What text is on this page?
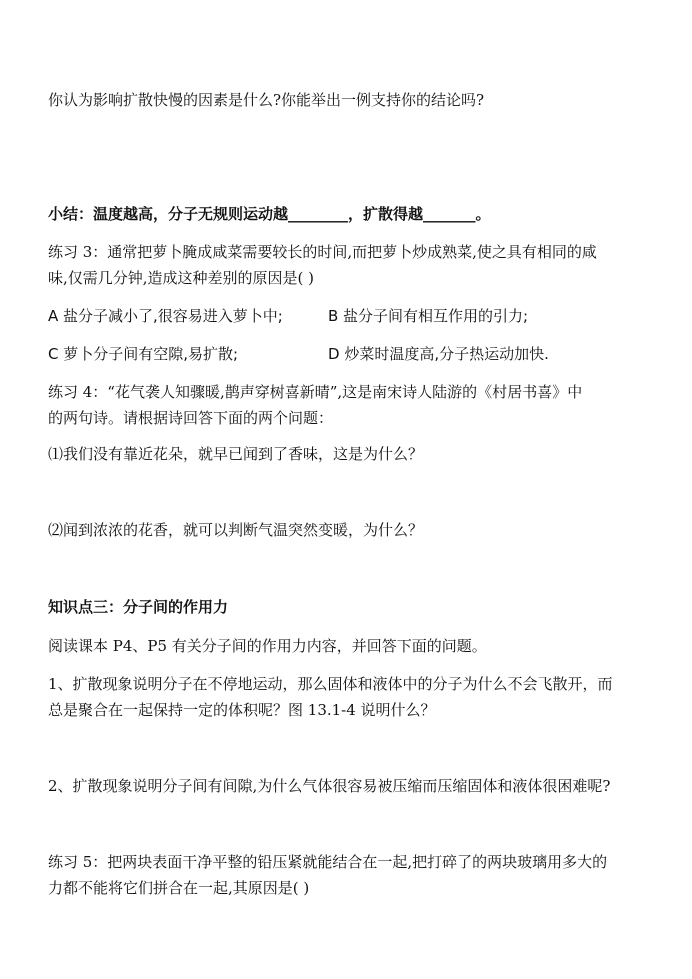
你认为影响扩散快慢的因素是什么?你能举出一例支持你的结论吗?
小结：温度越高，分子无规则运动越________，扩散得越_______。
练习 3：通常把萝卜腌成咸菜需要较长的时间,而把萝卜炒成熟菜,使之具有相同的咸
味,仅需几分钟,造成这种差别的原因是( )
A 盐分子减小了,很容易进入萝卜中;	B 盐分子间有相互作用的引力;
C 萝卜分子间有空隙,易扩散;	D 炒菜时温度高,分子热运动加快.
练习 4：“花气袭人知骤暖,鹊声穿树喜新晴”,这是南宋诗人陆游的《村居书喜》中
的两句诗。请根据诗回答下面的两个问题：
⑴我们没有靠近花朵，就早已闻到了香味，这是为什么？
⑵闻到浓浓的花香，就可以判断气温突然变暖，为什么？
知识点三：分子间的作用力
阅读课本 P4、P5 有关分子间的作用力内容，并回答下面的问题。
1、扩散现象说明分子在不停地运动，那么固体和液体中的分子为什么不会飞散开，而
总是聚合在一起保持一定的体积呢？图 13.1-4 说明什么？
2、扩散现象说明分子间有间隙,为什么气体很容易被压缩而压缩固体和液体很困难呢?
练习 5：把两块表面干净平整的铅压紧就能结合在一起,把打碎了的两块玻璃用多大的
力都不能将它们拼合在一起,其原因是( )
